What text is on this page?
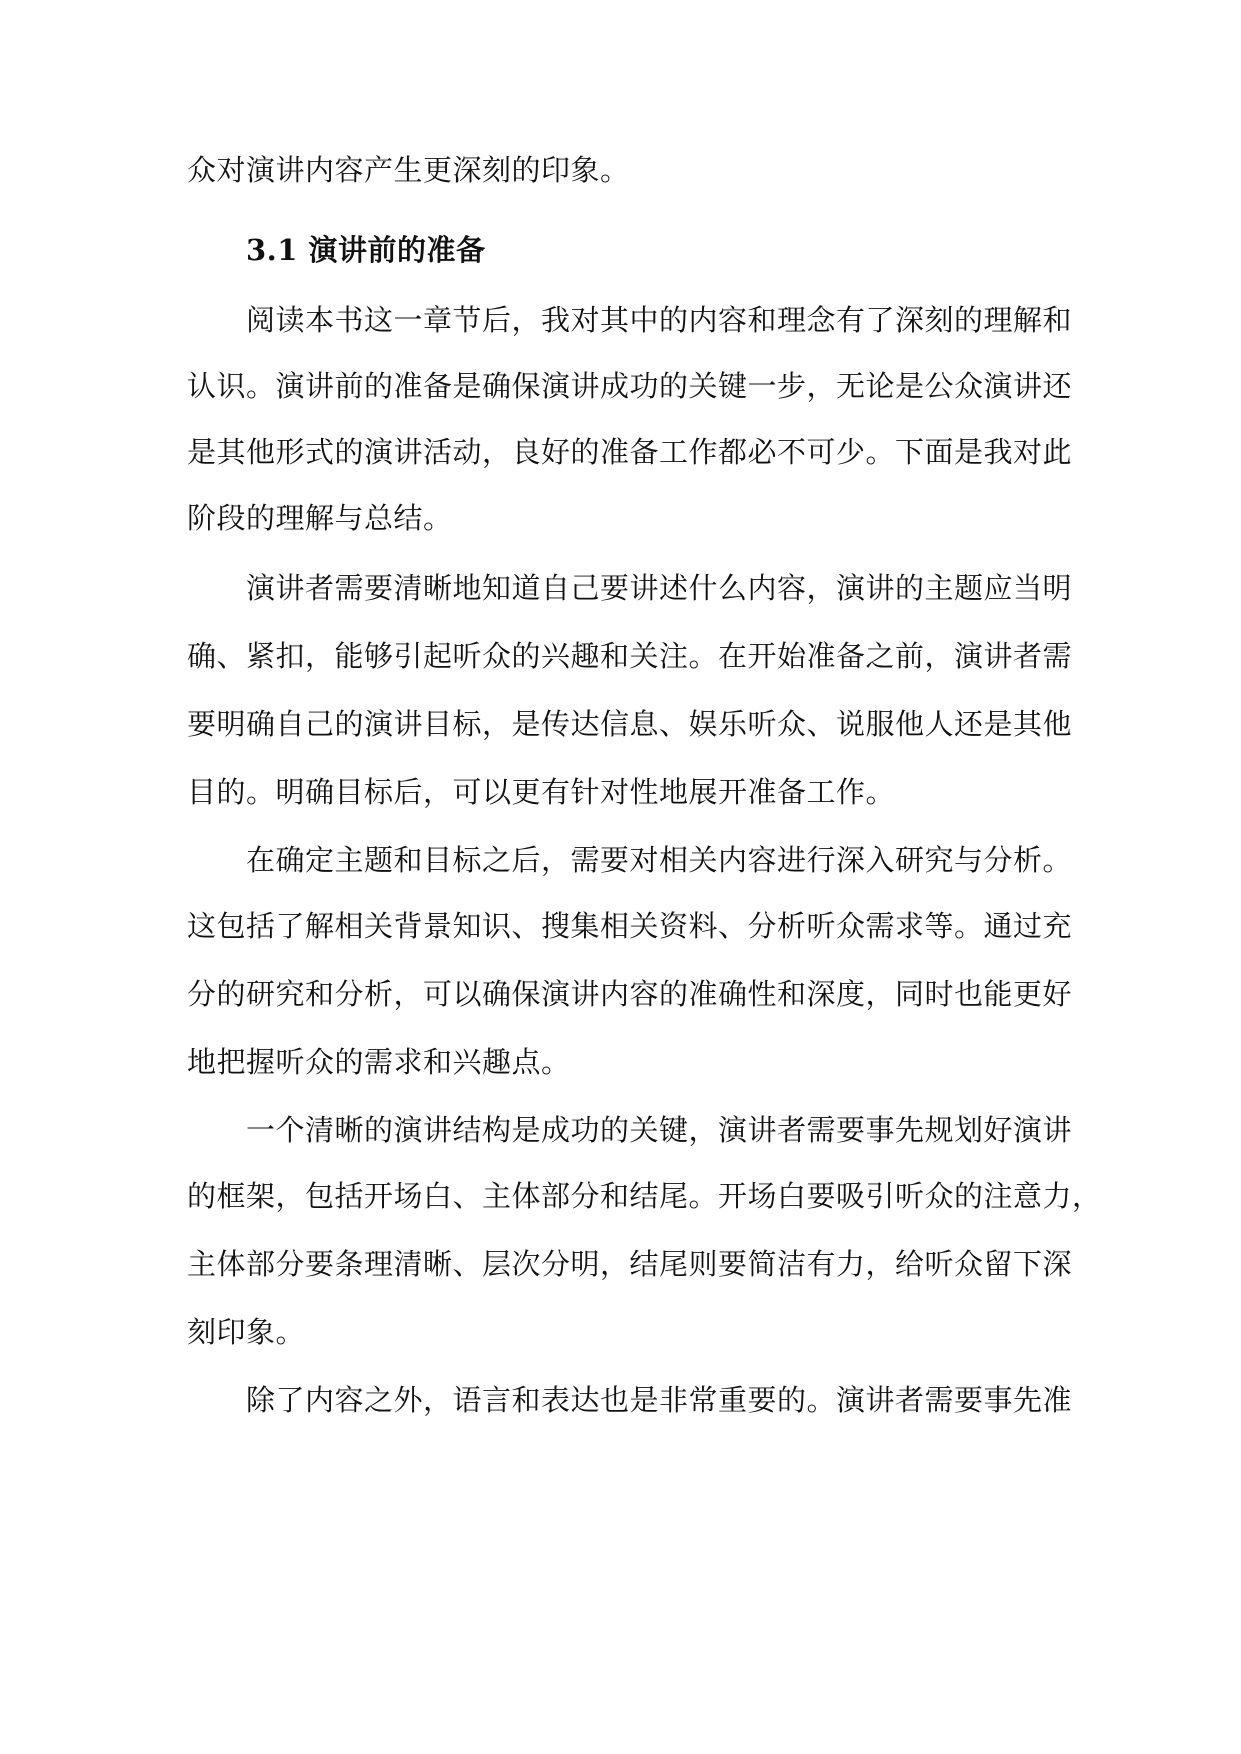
众对演讲内容产生更深刻的印象。
3.1 演讲前的准备
阅读本书这一章节后，我对其中的内容和理念有了深刻的理解和
认识。演讲前的准备是确保演讲成功的关键一步，无论是公众演讲还
是其他形式的演讲活动，良好的准备工作都必不可少。下面是我对此
阶段的理解与总结。
演讲者需要清晰地知道自己要讲述什么内容，演讲的主题应当明
确、紧扣，能够引起听众的兴趣和关注。在开始准备之前，演讲者需
要明确自己的演讲目标，是传达信息、娱乐听众、说服他人还是其他
目的。明确目标后，可以更有针对性地展开准备工作。
在确定主题和目标之后，需要对相关内容进行深入研究与分析。
这包括了解相关背景知识、搜集相关资料、分析听众需求等。通过充
分的研究和分析，可以确保演讲内容的准确性和深度，同时也能更好
地把握听众的需求和兴趣点。
一个清晰的演讲结构是成功的关键，演讲者需要事先规划好演讲
的框架，包括开场白、主体部分和结尾。开场白要吸引听众的注意力，
主体部分要条理清晰、层次分明，结尾则要简洁有力，给听众留下深
刻印象。
除了内容之外，语言和表达也是非常重要的。演讲者需要事先准
